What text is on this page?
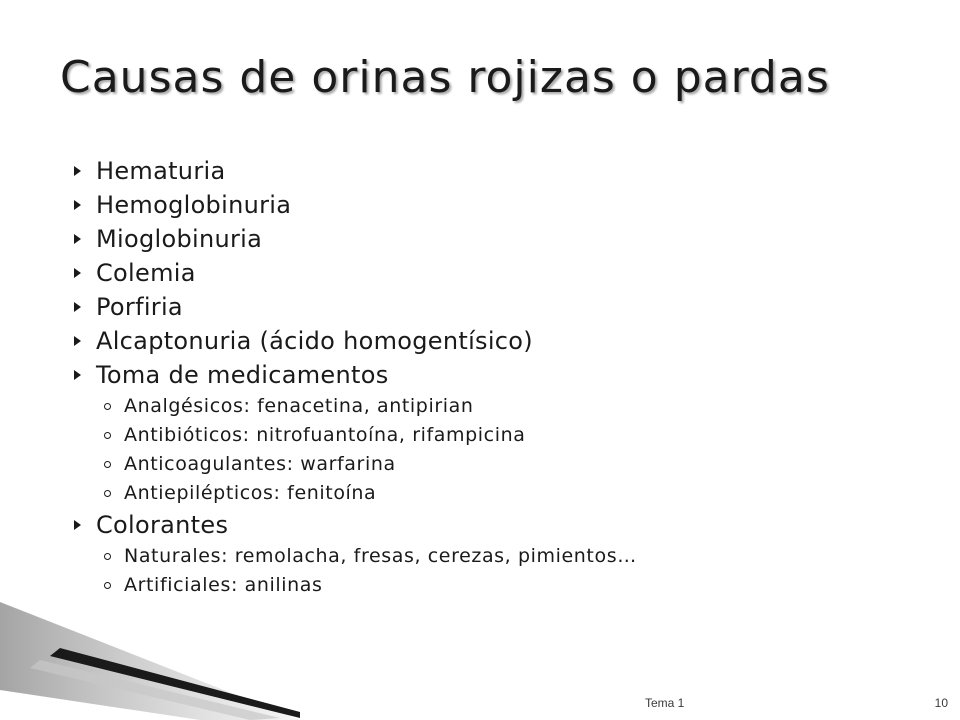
Causas de orinas rojizas o pardas
Hematuria
Hemoglobinuria
Mioglobinuria
Colemia
Porfiria
Alcaptonuria (ácido homogentísico)
Toma de medicamentos
Analgésicos: fenacetina, antipirian
Antibióticos: nitrofuantoína, rifampicina
Anticoagulantes: warfarina
Antiepilépticos: fenitoína
Colorantes
Naturales: remolacha, fresas, cerezas, pimientos…
Artificiales: anilinas
Tema 1	10
